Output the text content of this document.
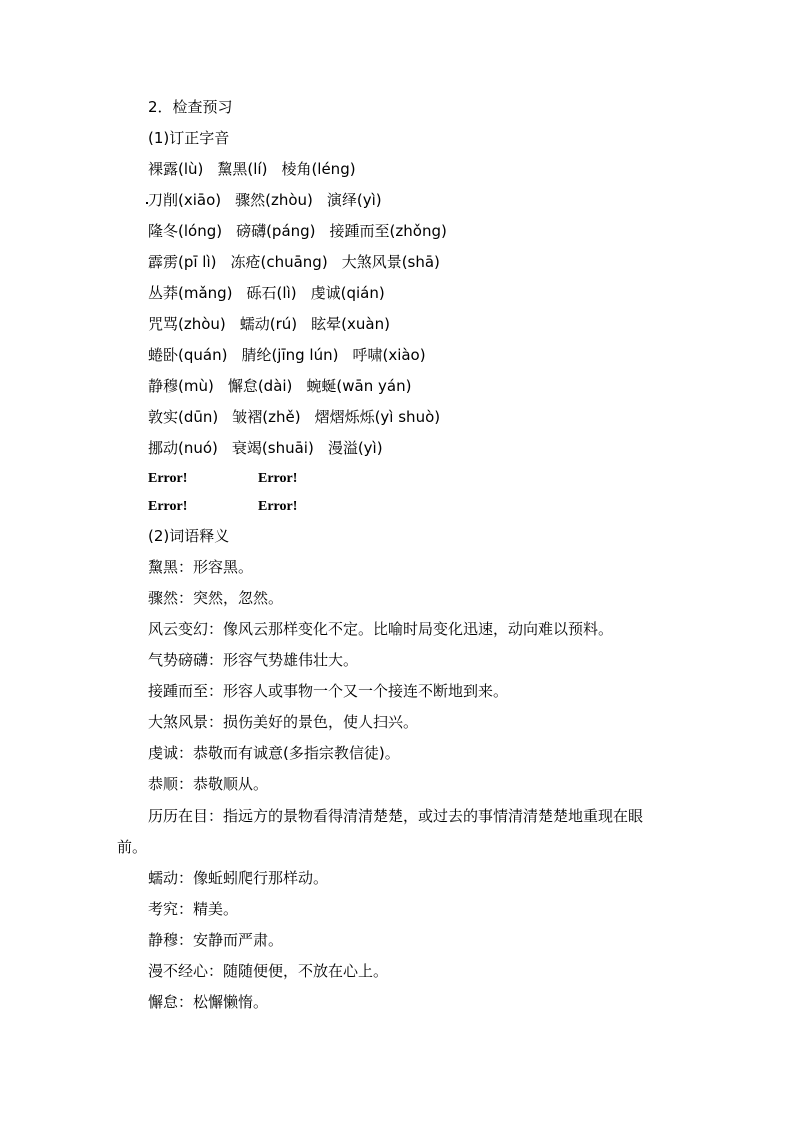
2．检查预习
(1)订正字音
裸露(lù) 黧黑(lí) 棱角(léng)
刀削(xiāo) 骤然(zhòu) 演绎(yì)
隆冬(lóng) 磅礴(páng) 接踵而至(zhǒng)
霹雳(pī lì) 冻疮(chuāng) 大煞风景(shā)
丛莽(mǎng) 砾石(lì) 虔诚(qián)
咒骂(zhòu) 蠕动(rú) 眩晕(xuàn)
蜷卧(quán) 腈纶(jīng lún) 呼啸(xiào)
静穆(mù) 懈怠(dài) 蜿蜒(wān yán)
敦实(dūn) 皱褶(zhě) 熠熠烁烁(yì shuò)
挪动(nuó) 衰竭(shuāi) 漫溢(yì)
Error!	Error!
Error!	Error!
(2)词语释义
黧黑：形容黑。
骤然：突然，忽然。
风云变幻：像风云那样变化不定。比喻时局变化迅速，动向难以预料。
气势磅礴：形容气势雄伟壮大。
接踵而至：形容人或事物一个又一个接连不断地到来。
大煞风景：损伤美好的景色，使人扫兴。
虔诚：恭敬而有诚意(多指宗教信徒)。
恭顺：恭敬顺从。
历历在目：指远方的景物看得清清楚楚，或过去的事情清清楚楚地重现在眼
前。
蠕动：像蚯蚓爬行那样动。
考究：精美。
静穆：安静而严肃。
漫不经心：随随便便，不放在心上。
懈怠：松懈懒惰。
